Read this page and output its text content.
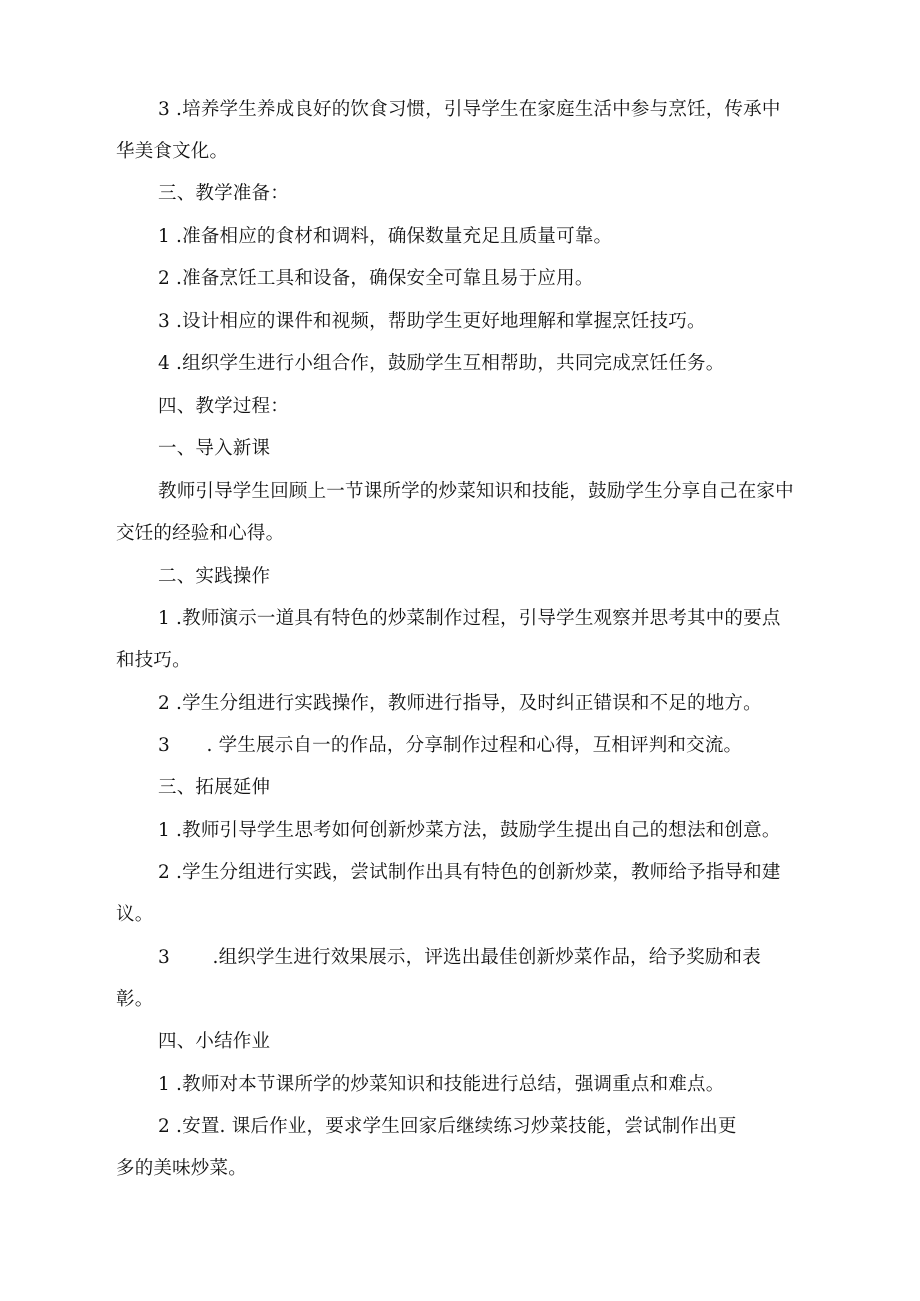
3 .培养学生养成良好的饮食习惯，引导学生在家庭生活中参与烹饪，传承中
华美食文化。
三、教学准备：
1 .准备相应的食材和调料，确保数量充足且质量可靠。
2 .准备烹饪工具和设备，确保安全可靠且易于应用。
3 .设计相应的课件和视频，帮助学生更好地理解和掌握烹饪技巧。
4 .组织学生进行小组合作，鼓励学生互相帮助，共同完成烹饪任务。
四、教学过程：
一、导入新课
教师引导学生回顾上一节课所学的炒菜知识和技能，鼓励学生分享自己在家中
交饪的经验和心得。
二、实践操作
1 .教师演示一道具有特色的炒菜制作过程，引导学生观察并思考其中的要点
和技巧。
2 .学生分组进行实践操作，教师进行指导，及时纠正错误和不足的地方。
3      . 学生展示自一的作品，分享制作过程和心得，互相评判和交流。
三、拓展延伸
1 .教师引导学生思考如何创新炒菜方法，鼓励学生提出自己的想法和创意。
2 .学生分组进行实践，尝试制作出具有特色的创新炒菜，教师给予指导和建
议。
3       .组织学生进行效果展示，评选出最佳创新炒菜作品，给予奖励和表
彰。
四、小结作业
1 .教师对本节课所学的炒菜知识和技能进行总结，强调重点和难点。
2 .安置. 课后作业，要求学生回家后继续练习炒菜技能，尝试制作出更
多的美味炒菜。
